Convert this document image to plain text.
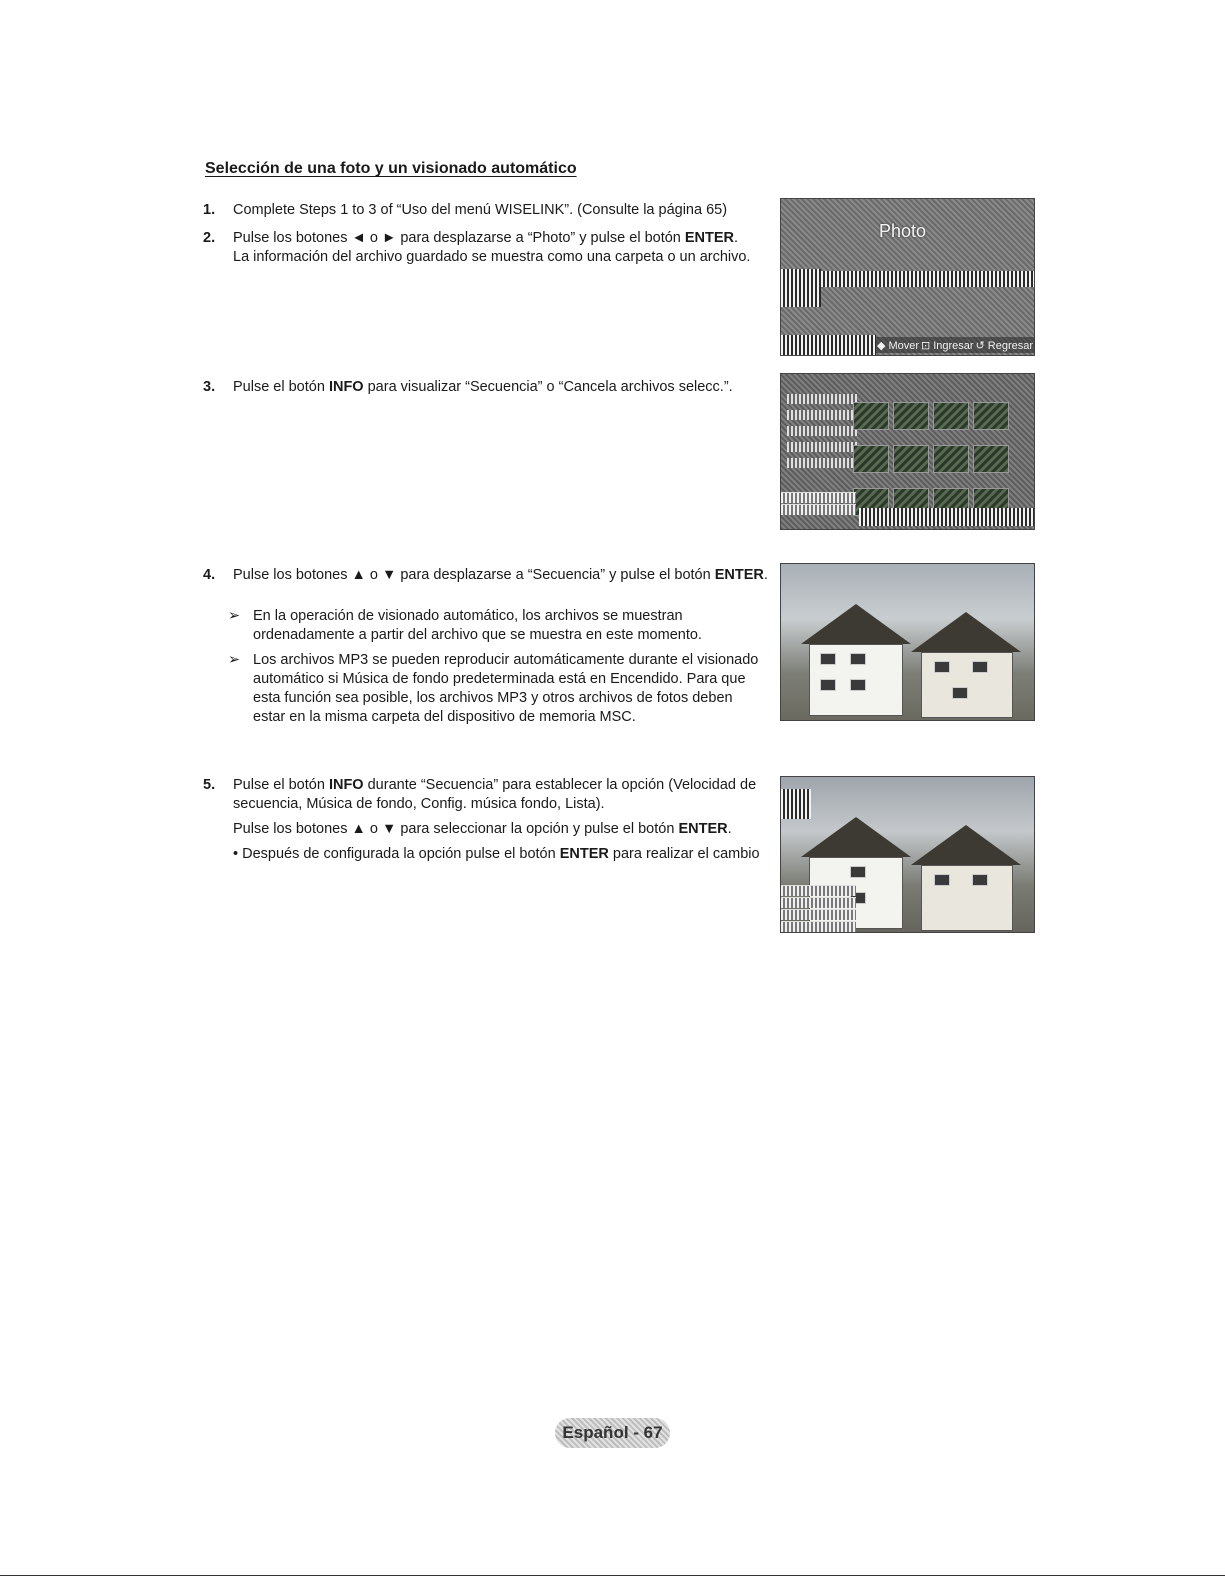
Selección de una foto y un visionado automático
1.	Complete Steps 1 to 3 of “Uso del menú WISELINK”. (Consulte la página 65)

2.	Pulse los botones ◄ o ► para desplazarse a “Photo” y pulse el botón ENTER.

La información del archivo guardado se muestra como una carpeta o un archivo.

3.	Pulse el botón INFO para visualizar “Secuencia” o “Cancela archivos selecc.”.

4.	Pulse los botones ▲ o ▼ para desplazarse a “Secuencia” y pulse el botón ENTER.

➢ En la operación de visionado automático, los archivos se muestran ordenadamente a partir del archivo que se muestra en este momento.
➢ Los archivos MP3 se pueden reproducir automáticamente durante el visionado automático si Música de fondo predeterminada está en Encendido. Para que esta función sea posible, los archivos MP3 y otros archivos de fotos deben estar en la misma carpeta del dispositivo de memoria MSC.
5.	Pulse el botón INFO durante “Secuencia” para establecer la opción (Velocidad de secuencia, Música de fondo, Config. música fondo, Lista).

Pulse los botones ▲ o ▼ para seleccionar la opción y pulse el botón ENTER.

• Después de configurada la opción pulse el botón ENTER para realizar el cambio

Photo
◆ Mover ⊡ Ingresar ↺ Regresar
Español - 67
